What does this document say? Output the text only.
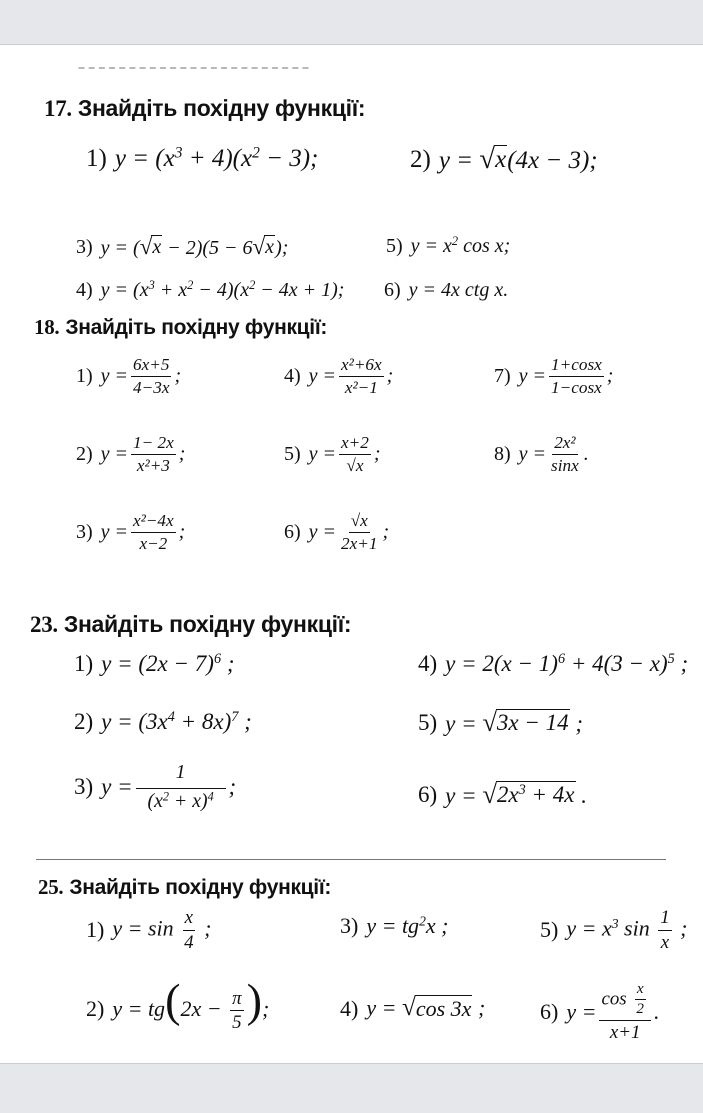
17. Знайдіть похідну функції:
1) $y = (x^3 + 4)(x^2 - 3)$;	2) y = √ x (4x − 3);
3) y = ( √ x − 2)(5 − 6 √ x );	5) $y = x^2$ cos x;
4) $y = (x^3 + x^2 - 4)(x^2 - 4x + 1)$; 6) y = 4x ctg x.
18. Знайдіть похідну функції:
1) $y = \frac{6x+5}{4-3x}$ ;	4) $y = \frac{\text{x²+6x}}{\text{x²−1}}$ ;	7) $y = \frac{1+\cos x}{1-\cos x}$ ;
2) $y = \frac{1- 2x}{\text{x²+3}}$ ;	5) $y = \frac{x+2}{√x}$ ;	8) $y = \frac{\text{2x²}}{\sin x}$ .
3) $y = \frac{\text{x²−4x}}{x-2}$ ;	6) $y = \frac{√x}{2x+1}$ ;
23. Знайдіть похідну функції:
1) $y = (2x - 7)^6$ ;	4) $y = 2(x - 1)^6 + 4(3 - x)^5$ ;
2) $y = (3x^4 + 8x)^7$ ;	5) y = √ 3x − 14 ;
3) $y = \frac{1}{(x^2 + x)^4}$ ;	6) y = √ $2x^3 + 4x$ .
25. Знайдіть похідну функції:
1) $y = \sin \frac{x}{4}$ ;	3) $y = tg^2x$ ;	5) $y = x^3$ $\sin \frac{1}{x}$ ;
2) $y = tg(2x - \frac{\pi}{5}$ );	4) y = √ cos 3x ; 6) $y = \frac{\cos \frac{x}{2}}{x+1}$ .
